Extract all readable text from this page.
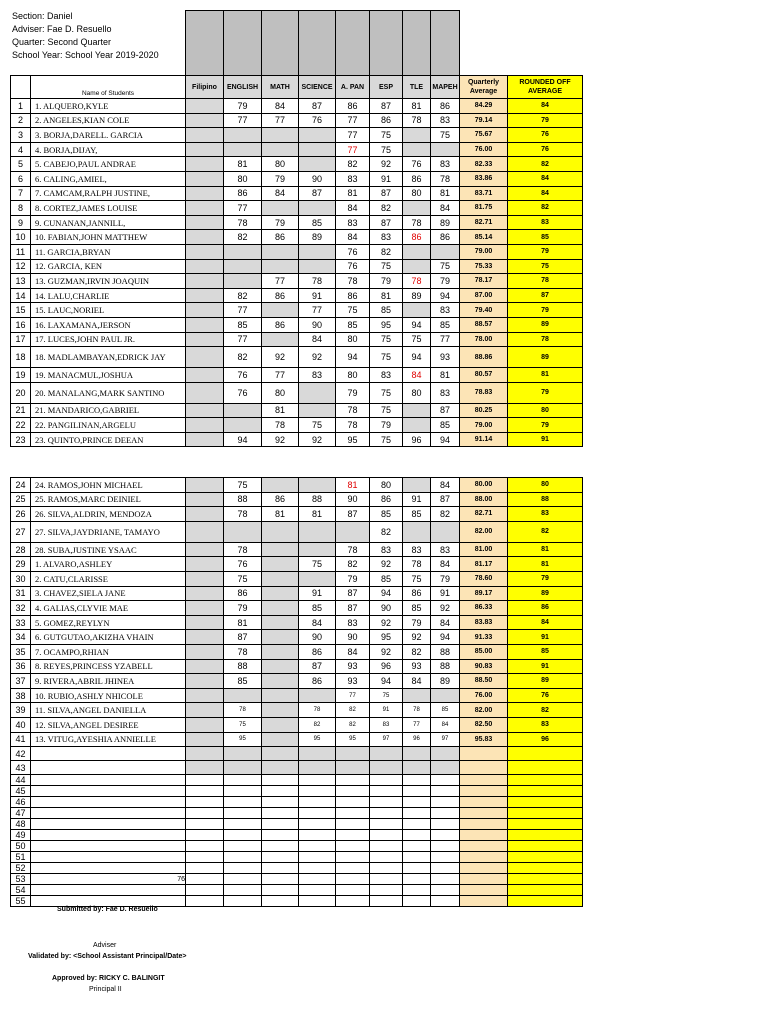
Section: Daniel
Adviser: Fae D. Resuello
Quarter: Second Quarter
School Year: School Year 2019-2020

	Name of Students	Filipino	ENGLISH	MATH	SCIENCE	A. PAN	ESP	TLE	MAPEH	Quarterly Average	ROUNDED OFF AVERAGE
1	1. ALQUERO,KYLE		79	84	87	86	87	81	86	84.29	84
2	2. ANGELES,KIAN COLE		77	77	76	77	86	78	83	79.14	79
3	3. BORJA,DARELL. GARCIA					77	75		75	75.67	76
4	4. BORJA,DIJAY,					77	75			76.00	76
5	5. CABEJO,PAUL ANDRAE		81	80		82	92	76	83	82.33	82
6	6. CALING,AMIEL,		80	79	90	83	91	86	78	83.86	84
7	7. CAMCAM,RALPH JUSTINE,		86	84	87	81	87	80	81	83.71	84
8	8. CORTEZ,JAMES LOUISE		77			84	82		84	81.75	82
9	9. CUNANAN,JANNILL,		78	79	85	83	87	78	89	82.71	83
10	10. FABIAN,JOHN MATTHEW		82	86	89	84	83	86	86	85.14	85
11	11. GARCIA,BRYAN					76	82			79.00	79
12	12. GARCIA, KEN					76	75		75	75.33	75
13	13. GUZMAN,IRVIN JOAQUIN			77	78	78	79	78	79	78.17	78
14	14. LALU,CHARLIE		82	86	91	86	81	89	94	87.00	87
15	15. LAUC,NORIEL		77		77	75	85		83	79.40	79
16	16. LAXAMANA,JERSON		85	86	90	85	95	94	85	88.57	89
17	17. LUCES,JOHN PAUL JR.		77		84	80	75	75	77	78.00	78
18	18. MADLAMBAYAN,EDRICK JAY		82	92	92	94	75	94	93	88.86	89
19	19. MANACMUL,JOSHUA		76	77	83	80	83	84	81	80.57	81
20	20. MANALANG,MARK SANTINO		76	80		79	75	80	83	78.83	79
21	21. MANDARICO,GABRIEL			81		78	75		87	80.25	80
22	22. PANGILINAN,ARGELU			78	75	78	79		85	79.00	79
23	23. QUINTO,PRINCE DEEAN		94	92	92	95	75	96	94	91.14	91
24	24. RAMOS,JOHN MICHAEL		75			81	80		84	80.00	80
25	25. RAMOS,MARC DEINIEL		88	86	88	90	86	91	87	88.00	88
26	26. SILVA,ALDRIN, MENDOZA		78	81	81	87	85	85	82	82.71	83
27	27. SILVA,JAYDRIANE, TAMAYO						82			82.00	82
28	28. SUBA,JUSTINE YSAAC		78			78	83	83	83	81.00	81
29	1. ALVARO,ASHLEY		76		75	82	92	78	84	81.17	81
30	2. CATU,CLARISSE		75			79	85	75	79	78.60	79
31	3. CHAVEZ,SIELA JANE		86		91	87	94	86	91	89.17	89
32	4. GALIAS,CLYVIE MAE		79		85	87	90	85	92	86.33	86
33	5. GOMEZ,REYLYN		81		84	83	92	79	84	83.83	84
34	6. GUTGUTAO,AKIZHA VHAIN		87		90	90	95	92	94	91.33	91
35	7. OCAMPO,RHIAN		78		86	84	92	82	88	85.00	85
36	8. REYES,PRINCESS YZABELL		88		87	93	96	93	88	90.83	91
37	9. RIVERA,ABRIL JHINEA		85		86	93	94	84	89	88.50	89
38	10. RUBIO,ASHLY NHICOLE					77	75			76.00	76
39	11. SILVA,ANGEL DANIELLA		78		78	82	91	78	85	82.00	82
40	12. SILVA,ANGEL DESIREE		75		82	82	83	77	84	82.50	83
41	13. VITUG,AYESHIA ANNIELLE		95		95	95	97	96	97	95.83	96
42											
43											
44											
45											
46											
47											
48											
49											
50											
51											
52											
53	76										
54											
55											
Submitted by: Fae D. Resuello
Adviser
Validated by: <School Assistant Principal/Date>
Approved by: RICKY C. BALINGIT
Principal II
